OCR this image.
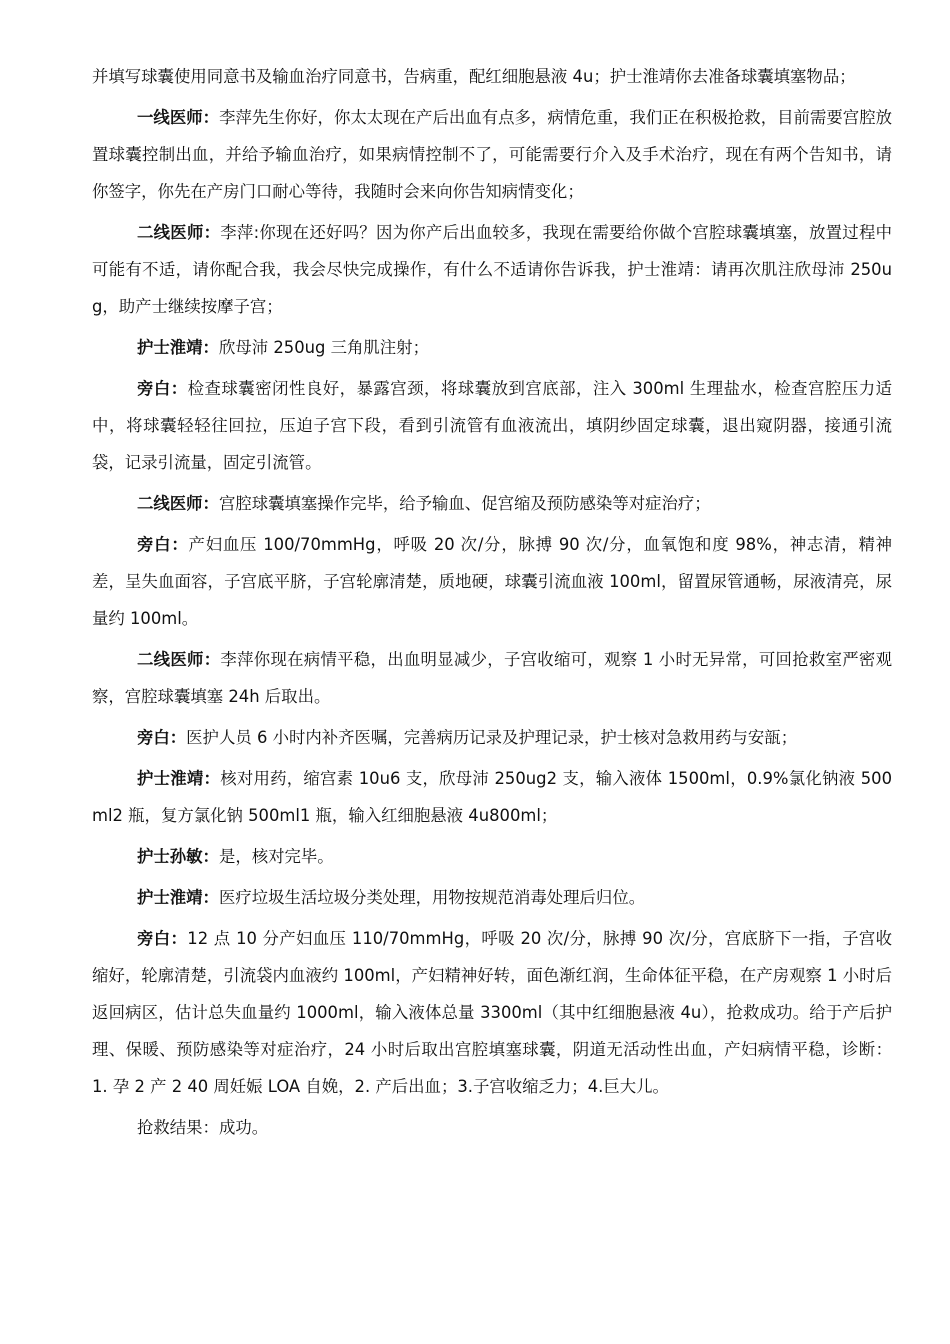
并填写球囊使用同意书及输血治疗同意书，告病重，配红细胞悬液 4u；护士淮靖你去准备球囊填塞物品；

一线医师：李萍先生你好，你太太现在产后出血有点多，病情危重，我们正在积极抢救，目前需要宫腔放置球囊控制出血，并给予输血治疗，如果病情控制不了，可能需要行介入及手术治疗，现在有两个告知书，请你签字，你先在产房门口耐心等待，我随时会来向你告知病情变化；

二线医师：李萍:你现在还好吗？因为你产后出血较多，我现在需要给你做个宫腔球囊填塞，放置过程中可能有不适，请你配合我，我会尽快完成操作，有什么不适请你告诉我，护士淮靖：请再次肌注欣母沛 250ug，助产士继续按摩子宫；

护士淮靖：欣母沛 250ug 三角肌注射；

旁白：检查球囊密闭性良好，暴露宫颈，将球囊放到宫底部，注入 300ml 生理盐水，检查宫腔压力适中，将球囊轻轻往回拉，压迫子宫下段，看到引流管有血液流出，填阴纱固定球囊，退出窥阴器，接通引流袋，记录引流量，固定引流管。

二线医师：宫腔球囊填塞操作完毕，给予输血、促宫缩及预防感染等对症治疗；

旁白：产妇血压 100/70mmHg，呼吸 20 次/分，脉搏 90 次/分，血氧饱和度 98%，神志清，精神差，呈失血面容，子宫底平脐，子宫轮廓清楚，质地硬，球囊引流血液 100ml，留置尿管通畅，尿液清亮，尿量约 100ml。

二线医师：李萍你现在病情平稳，出血明显减少，子宫收缩可，观察 1 小时无异常，可回抢救室严密观察，宫腔球囊填塞 24h 后取出。

旁白：医护人员 6 小时内补齐医嘱，完善病历记录及护理记录，护士核对急救用药与安瓿；

护士淮靖：核对用药，缩宫素 10u6 支，欣母沛 250ug2 支，输入液体 1500ml，0.9%氯化钠液 500ml2 瓶，复方氯化钠 500ml1 瓶，输入红细胞悬液 4u800ml；

护士孙敏：是，核对完毕。

护士淮靖：医疗垃圾生活垃圾分类处理，用物按规范消毒处理后归位。

旁白：12 点 10 分产妇血压 110/70mmHg，呼吸 20 次/分，脉搏 90 次/分，宫底脐下一指，子宫收缩好，轮廓清楚，引流袋内血液约 100ml，产妇精神好转，面色渐红润，生命体征平稳，在产房观察 1 小时后返回病区，估计总失血量约 1000ml，输入液体总量 3300ml（其中红细胞悬液 4u），抢救成功。给于产后护理、保暖、预防感染等对症治疗，24 小时后取出宫腔填塞球囊，阴道无活动性出血，产妇病情平稳，诊断： 1. 孕 2 产 2 40 周妊娠 LOA 自娩，2. 产后出血；3.子宫收缩乏力；4.巨大儿。

抢救结果：成功。
